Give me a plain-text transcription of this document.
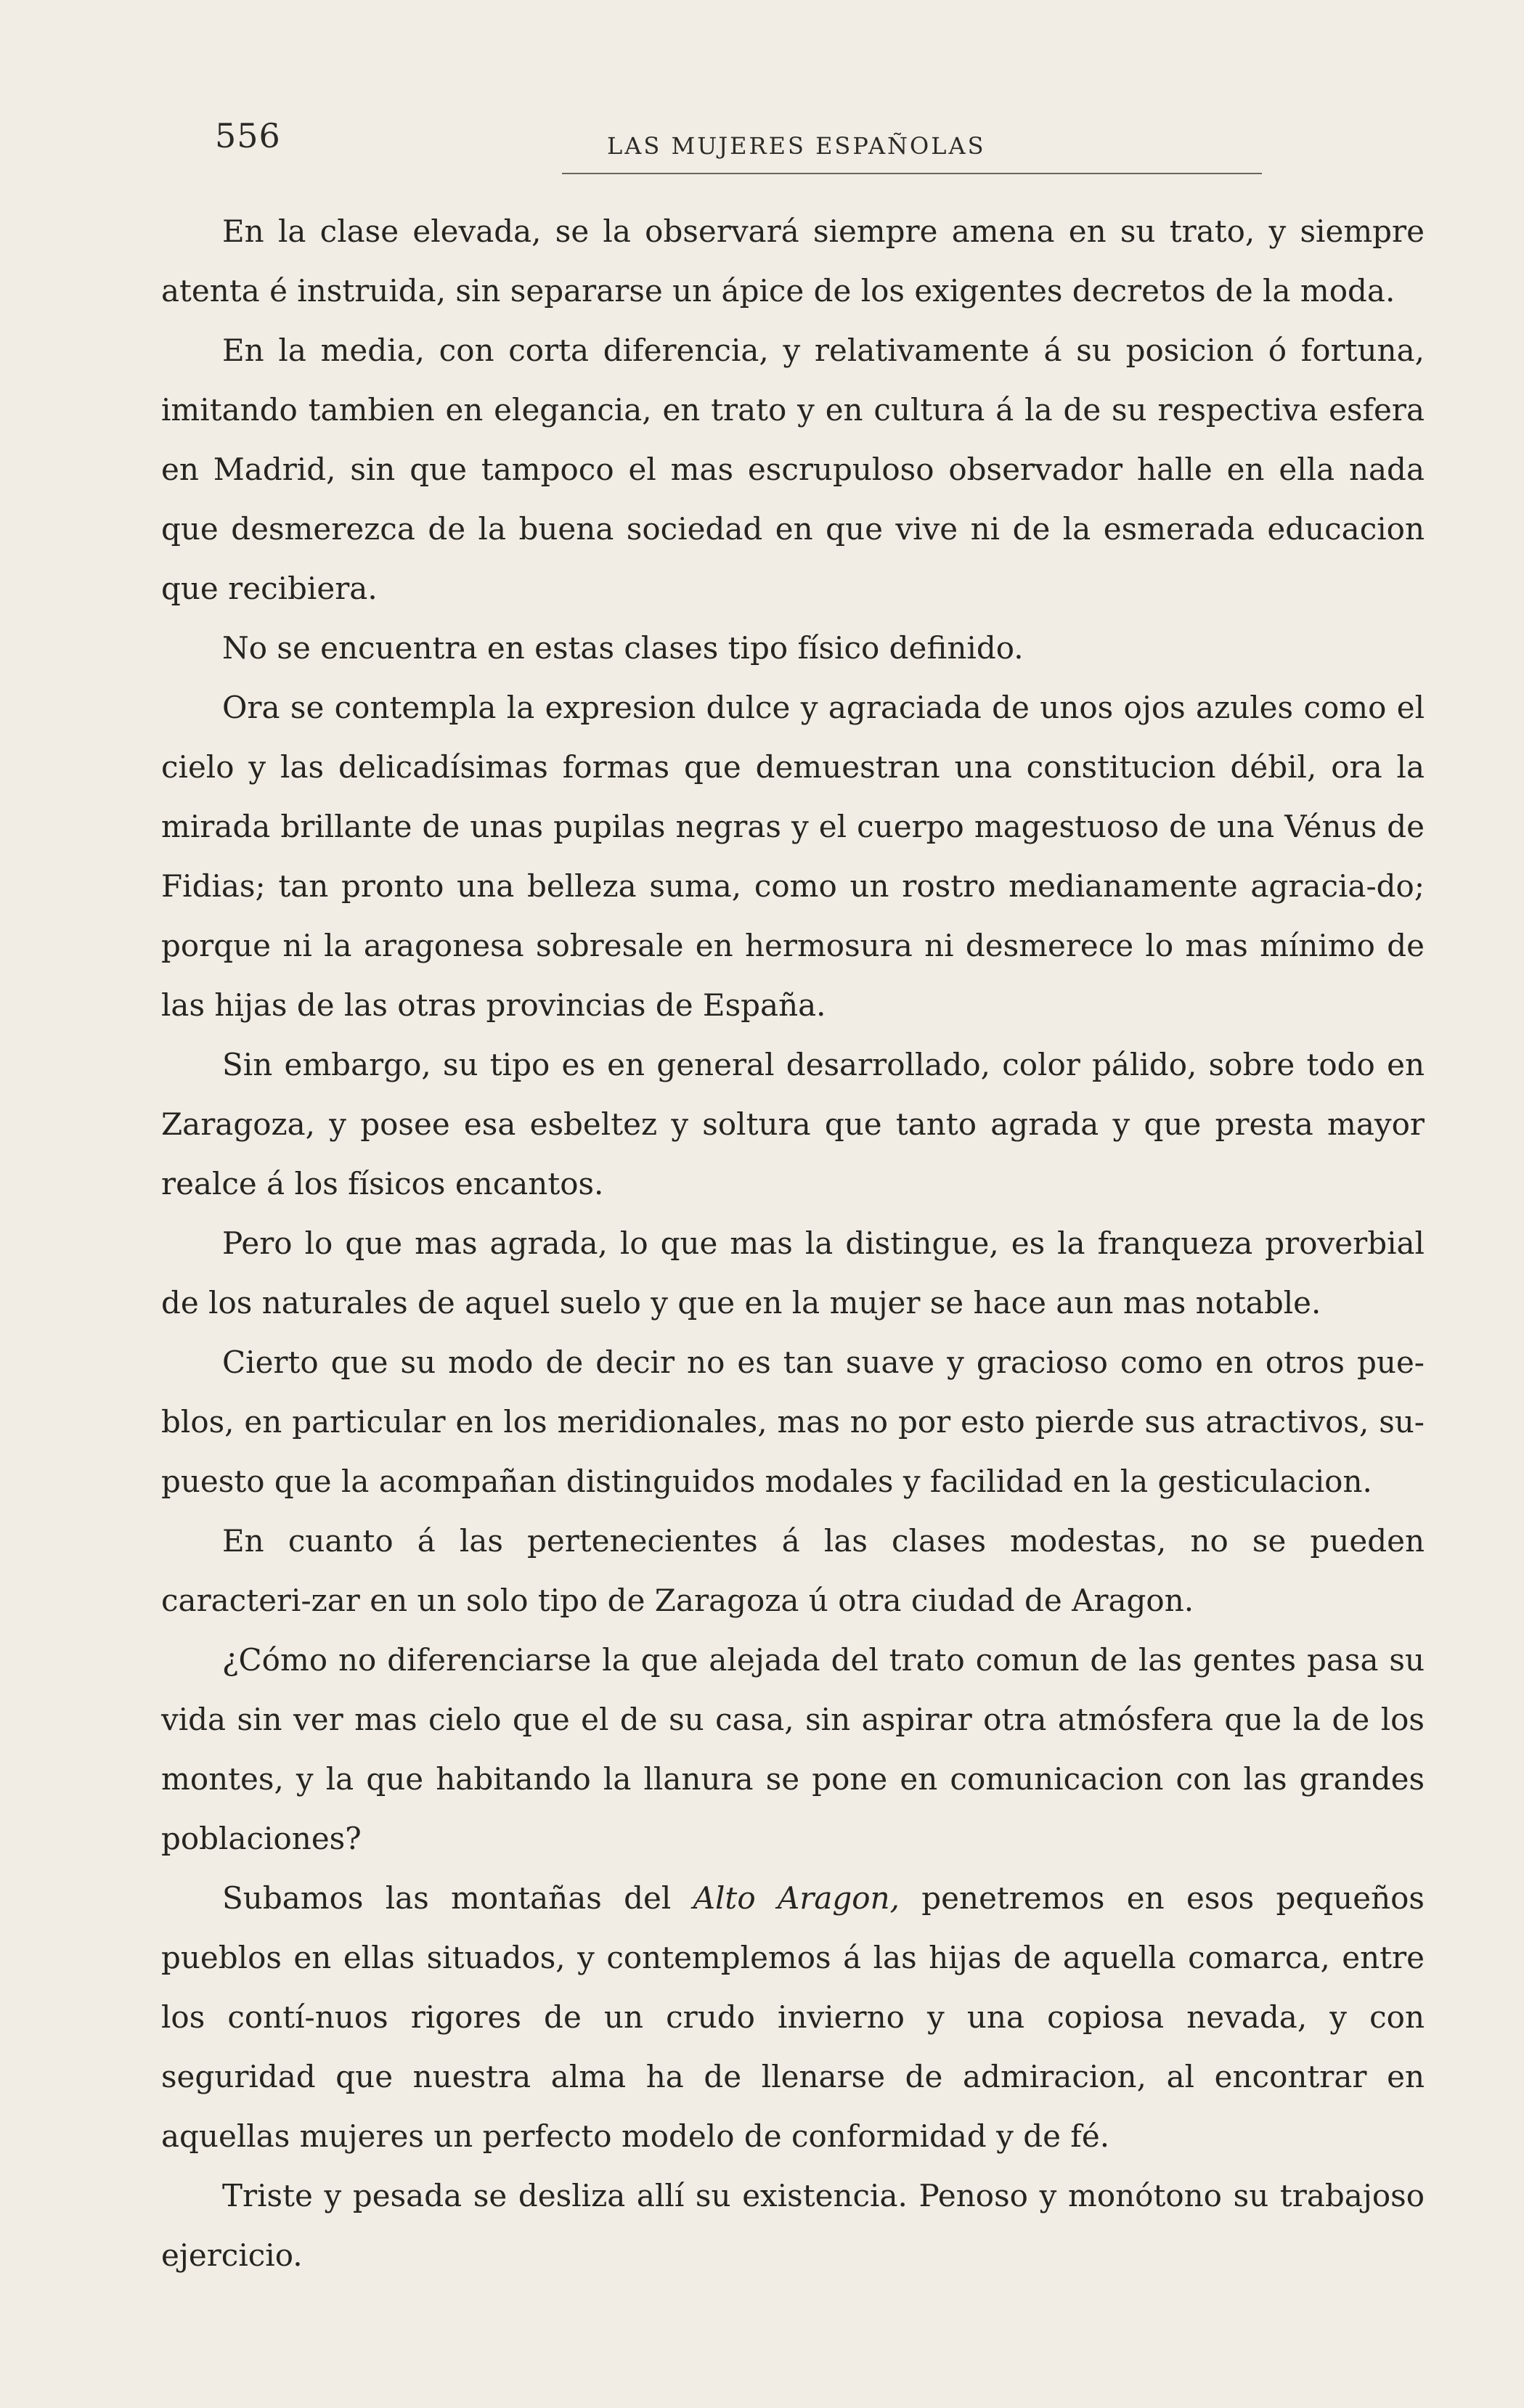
556	LAS MUJERES ESPAÑOLAS

En la clase elevada, se la observará siempre amena en su trato, y siempre atenta é instruida, sin separarse un ápice de los exigentes decretos de la moda.

En la media, con corta diferencia, y relativamente á su posicion ó fortuna, imitando tambien en elegancia, en trato y en cultura á la de su respectiva esfera en Madrid, sin que tampoco el mas escrupuloso observador halle en ella nada que desmerezca de la buena sociedad en que vive ni de la esmerada educacion que recibiera.

No se encuentra en estas clases tipo físico definido.

Ora se contempla la expresion dulce y agraciada de unos ojos azules como el cielo y las delicadísimas formas que demuestran una constitucion débil, ora la mirada brillante de unas pupilas negras y el cuerpo magestuoso de una Vénus de Fidias; tan pronto una belleza suma, como un rostro medianamente agracia-do; porque ni la aragonesa sobresale en hermosura ni desmerece lo mas mínimo de las hijas de las otras provincias de España.

Sin embargo, su tipo es en general desarrollado, color pálido, sobre todo en Zaragoza, y posee esa esbeltez y soltura que tanto agrada y que presta mayor realce á los físicos encantos.

Pero lo que mas agrada, lo que mas la distingue, es la franqueza proverbial de los naturales de aquel suelo y que en la mujer se hace aun mas notable.

Cierto que su modo de decir no es tan suave y gracioso como en otros pue-blos, en particular en los meridionales, mas no por esto pierde sus atractivos, su-puesto que la acompañan distinguidos modales y facilidad en la gesticulacion.

En cuanto á las pertenecientes á las clases modestas, no se pueden caracteri-zar en un solo tipo de Zaragoza ú otra ciudad de Aragon.

¿Cómo no diferenciarse la que alejada del trato comun de las gentes pasa su vida sin ver mas cielo que el de su casa, sin aspirar otra atmósfera que la de los montes, y la que habitando la llanura se pone en comunicacion con las grandes poblaciones?

Subamos las montañas del Alto Aragon, penetremos en esos pequeños pueblos en ellas situados, y contemplemos á las hijas de aquella comarca, entre los contí-nuos rigores de un crudo invierno y una copiosa nevada, y con seguridad que nuestra alma ha de llenarse de admiracion, al encontrar en aquellas mujeres un perfecto modelo de conformidad y de fé.

Triste y pesada se desliza allí su existencia. Penoso y monótono su trabajoso ejercicio.
